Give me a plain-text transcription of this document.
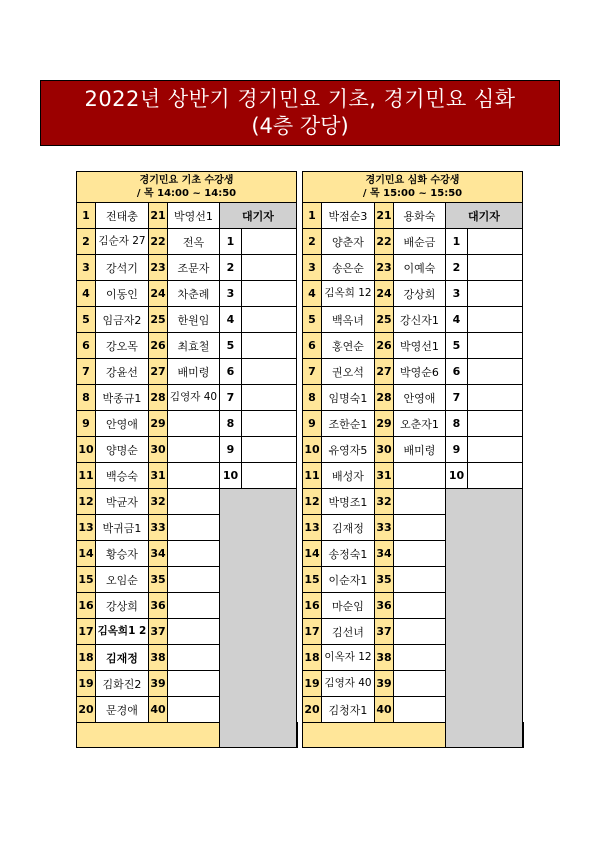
2022년 상반기 경기민요 기초, 경기민요 심화
(4층 강당)
경기민요 기초 수강생
/ 목 14:00 ~ 14:50						

1	전태충	21	박영선1	대기자		
2	김순자 27	22	전옥	1		
3	강석기	23	조문자	2		
4	이동인	24	차춘례	3		
5	임금자2	25	한원임	4		
6	강오목	26	최효철	5		
7	강윤선	27	배미령	6		
8	박종규1	28	김영자 40	7		
9	안영애	29		8		
10	양명순	30		9		
11	백승숙	31		10		
12	박균자	32				
13	박귀금1	33				
14	황승자	34				
15	오임순	35				
16	강상희	36				
17	김옥희1 2	37				
18	김재정	38				
19	김화진2	39				
20	문경애	40				

경기민요 심화 수강생
/ 목 15:00 ~ 15:50						

1	박점순3	21	용화숙	대기자		
2	양춘자	22	배순금	1		
3	송은순	23	이예숙	2		
4	김옥희 12	24	강상희	3		
5	백옥녀	25	강신자1	4		
6	홍연순	26	박영선1	5		
7	권오석	27	박영순6	6		
8	임명숙1	28	안영애	7		
9	조한순1	29	오춘자1	8		
10	유영자5	30	배미령	9		
11	배성자	31		10		
12	박명조1	32				
13	김재정	33				
14	송정숙1	34				
15	이순자1	35				
16	마순임	36				
17	김선녀	37				
18	이옥자 12	38				
19	김영자 40	39				
20	김청자1	40				
